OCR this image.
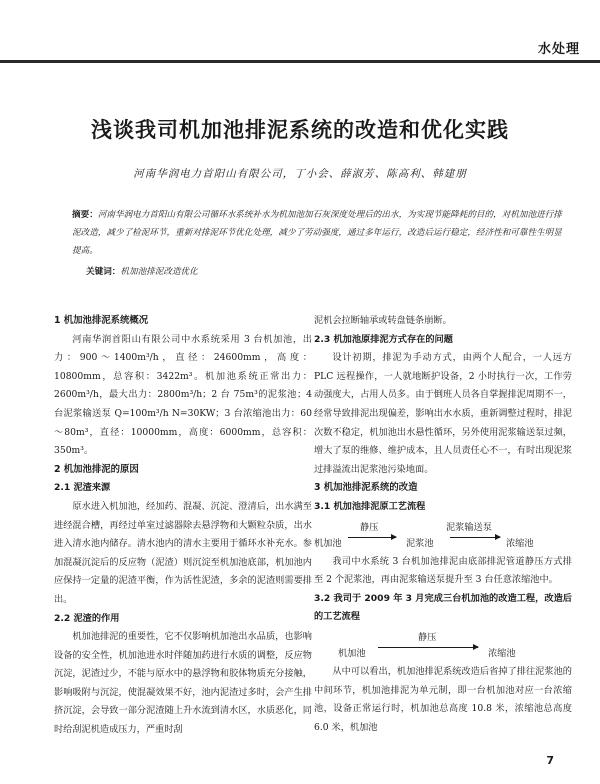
水处理
浅谈我司机加池排泥系统的改造和优化实践
河南华润电力首阳山有限公司，丁小会、薛淑芳、陈高利、韩建朋
摘要：河南华润电力首阳山有限公司循环水系统补水为机加池加石灰深度处理后的出水，为实现节能降耗的目的，对机加池进行排泥改造，减少了检泥环节，重新对排泥环节优化处理，减少了劳动强度，通过多年运行，改造后运行稳定，经济性和可靠性生明显提高。
关键词：机加池排泥改造优化
1 机加池排泥系统概况

河南华润首阳山有限公司中水系统采用 3 台机加池，出力：900～1400m³/h，直径：24600mm，高度：10800mm，总容积：3422m³。机加池系统正常出力：2600m³/h，最大出力：2800m³/h；2 台 75m³的泥浆池；4 台泥浆输送泵 Q=100m³/h N=30KW；3 台浓缩池出力：60～80m³，直径：10000mm，高度：6000mm，总容积：350m³。

2 机加池排泥的原因
2.1 泥渣来源

原水进入机加池，经加药、混凝、沉淀、澄清后，出水满至进经混合槽，再经过单室过滤器除去悬浮物和大颗粒杂质，出水进入清水池内储存。清水池内的清水主要用于循环水补充水。参加混凝沉淀后的反应物（泥渣）则沉淀至机加池底部，机加池内应保持一定量的泥渣平衡，作为活性泥渣，多余的泥渣则需要排出。

2.2 泥渣的作用

机加池排泥的重要性，它不仅影响机加池出水品质，也影响设备的安全性，机加池进水时伴随加药进行水质的调整，反应物沉淀，泥渣过少，不能与原水中的悬浮物和胶体物质充分接触，影响吸附与沉淀，使混凝效果不好，池内泥渣过多时，会产生排挤沉淀，会导致一部分泥渣随上升水流到清水区，水质恶化，同时给刮泥机造成压力，严重时刮

泥机会拉断轴承或转盘链条崩断。

2.3 机加池原排泥方式存在的问题

设计初期，排泥为手动方式，由两个人配合，一人远方 PLC 远程操作，一人就地断护设备，2 小时执行一次，工作劳动强度大，占用人员多。由于倒班人员各自掌握排泥周期不一，经常导致排泥出现偏差，影响出水水质，重新调整过程时，排泥次数不稳定，机加池出水悬性循环，另外使用泥浆输送泵过频，增大了泵的维修、维护成本，且人员责任心不一，有时出现泥浆过排溢流出泥浆池污染地面。

3 机加池排泥系统的改造
3.1 机加池排泥原工艺流程
机加池
静压
泥浆池
泥浆输送泵
浓缩池

我司中水系统 3 台机加池排泥由底部排泥管道静压方式排至 2 个泥浆池，再由泥浆输送泵提升至 3 台任意浓缩池中。

3.2 我司于 2009 年 3 月完成三台机加池的改造工程，改造后的工艺流程
机加池
静压
浓缩池

从中可以看出，机加池排泥系统改造后省掉了排往泥浆池的中间环节，机加池排泥为单元制，即一台机加池对应一台浓缩池，设备正常运行时，机加池总高度 10.8 米，浓缩池总高度 6.0 米，机加池

7
